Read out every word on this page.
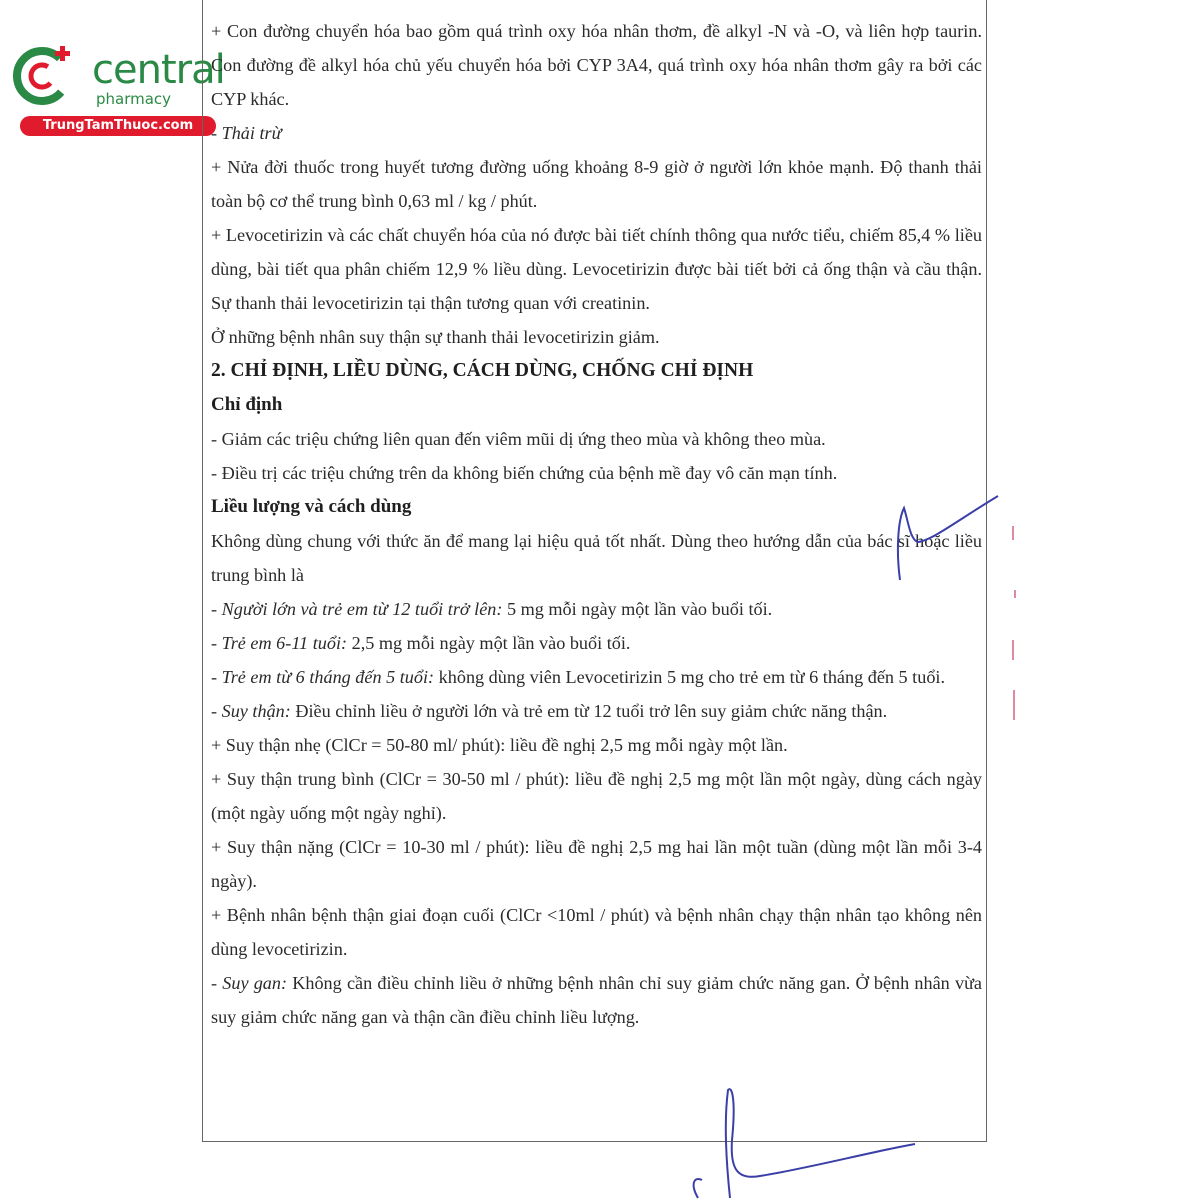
central
pharmacy
TrungTamThuoc.com

+ Con đường chuyển hóa bao gồm quá trình oxy hóa nhân thơm, đề alkyl -N và -O, và liên hợp taurin. Con đường đề alkyl hóa chủ yếu chuyển hóa bởi CYP 3A4, quá trình oxy hóa nhân thơm gây ra bởi các CYP khác.

- Thải trừ

+ Nửa đời thuốc trong huyết tương đường uống khoảng 8-9 giờ ở người lớn khỏe mạnh. Độ thanh thải toàn bộ cơ thể trung bình 0,63 ml / kg / phút.

+ Levocetirizin và các chất chuyển hóa của nó được bài tiết chính thông qua nước tiểu, chiếm 85,4 % liều dùng, bài tiết qua phân chiếm 12,9 % liều dùng. Levocetirizin được bài tiết bởi cả ống thận và cầu thận. Sự thanh thải levocetirizin tại thận tương quan với creatinin.

Ở những bệnh nhân suy thận sự thanh thải levocetirizin giảm.

2. CHỈ ĐỊNH, LIỀU DÙNG, CÁCH DÙNG, CHỐNG CHỈ ĐỊNH
Chỉ định

- Giảm các triệu chứng liên quan đến viêm mũi dị ứng theo mùa và không theo mùa.

- Điều trị các triệu chứng trên da không biến chứng của bệnh mề đay vô căn mạn tính.

Liều lượng và cách dùng

Không dùng chung với thức ăn để mang lại hiệu quả tốt nhất. Dùng theo hướng dẫn của bác sĩ hoặc liều trung bình là

- Người lớn và trẻ em từ 12 tuổi trở lên: 5 mg mỗi ngày một lần vào buổi tối.

- Trẻ em 6-11 tuổi: 2,5 mg mỗi ngày một lần vào buổi tối.

- Trẻ em từ 6 tháng đến 5 tuổi: không dùng viên Levocetirizin 5 mg cho trẻ em từ 6 tháng đến 5 tuổi.

- Suy thận: Điều chỉnh liều ở người lớn và trẻ em từ 12 tuổi trở lên suy giảm chức năng thận.

+ Suy thận nhẹ (ClCr = 50-80 ml/ phút): liều đề nghị 2,5 mg mỗi ngày một lần.

+ Suy thận trung bình (ClCr = 30-50 ml / phút): liều đề nghị 2,5 mg một lần một ngày, dùng cách ngày (một ngày uống một ngày nghỉ).

+ Suy thận nặng (ClCr = 10-30 ml / phút): liều đề nghị 2,5 mg hai lần một tuần (dùng một lần mỗi 3-4 ngày).

+ Bệnh nhân bệnh thận giai đoạn cuối (ClCr <10ml / phút) và bệnh nhân chạy thận nhân tạo không nên dùng levocetirizin.

- Suy gan: Không cần điều chỉnh liều ở những bệnh nhân chỉ suy giảm chức năng gan. Ở bệnh nhân vừa suy giảm chức năng gan và thận cần điều chỉnh liều lượng.
